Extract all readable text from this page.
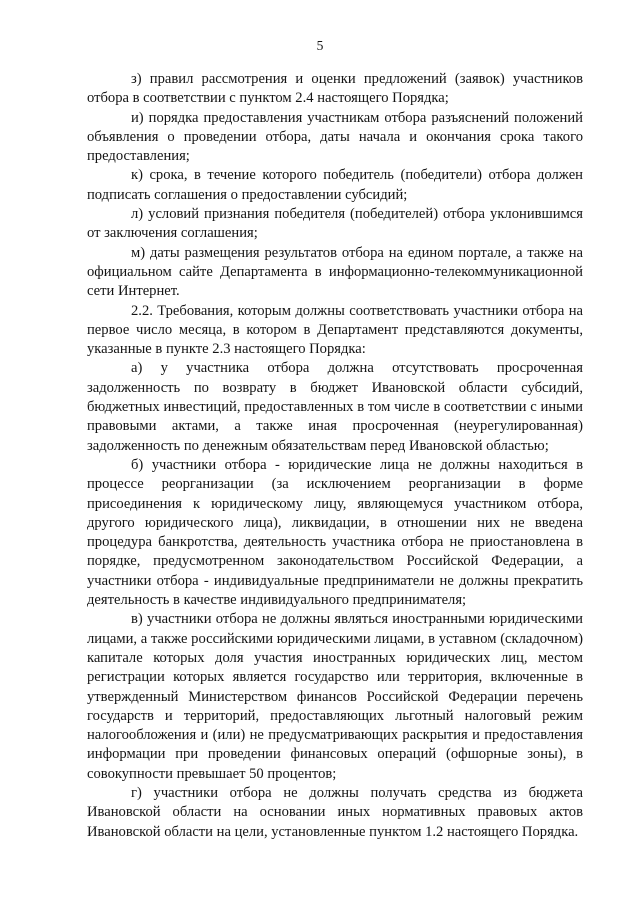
5

з) правил рассмотрения и оценки предложений (заявок) участников отбора в соответствии с пунктом 2.4 настоящего Порядка;

и) порядка предоставления участникам отбора разъяснений положений объявления о проведении отбора, даты начала и окончания срока такого предоставления;

к) срока, в течение которого победитель (победители) отбора должен подписать соглашения о предоставлении субсидий;

л) условий признания победителя (победителей) отбора уклонившимся от заключения соглашения;

м) даты размещения результатов отбора на едином портале, а также на официальном сайте Департамента в информационно-телекоммуникационной сети Интернет.

2.2. Требования, которым должны соответствовать участники отбора на первое число месяца, в котором в Департамент представляются документы, указанные в пункте 2.3 настоящего Порядка:

а) у участника отбора должна отсутствовать просроченная задолженность по возврату в бюджет Ивановской области субсидий, бюджетных инвестиций, предоставленных в том числе в соответствии с иными правовыми актами, а также иная просроченная (неурегулированная) задолженность по денежным обязательствам перед Ивановской областью;

б) участники отбора - юридические лица не должны находиться в процессе реорганизации (за исключением реорганизации в форме присоединения к юридическому лицу, являющемуся участником отбора, другого юридического лица), ликвидации, в отношении них не введена процедура банкротства, деятельность участника отбора не приостановлена в порядке, предусмотренном законодательством Российской Федерации, а участники отбора - индивидуальные предприниматели не должны прекратить деятельность в качестве индивидуального предпринимателя;

в) участники отбора не должны являться иностранными юридическими лицами, а также российскими юридическими лицами, в уставном (складочном) капитале которых доля участия иностранных юридических лиц, местом регистрации которых является государство или территория, включенные в утвержденный Министерством финансов Российской Федерации перечень государств и территорий, предоставляющих льготный налоговый режим налогообложения и (или) не предусматривающих раскрытия и предоставления информации при проведении финансовых операций (офшорные зоны), в совокупности превышает 50 процентов;

г) участники отбора не должны получать средства из бюджета Ивановской области на основании иных нормативных правовых актов Ивановской области на цели, установленные пунктом 1.2 настоящего Порядка.
